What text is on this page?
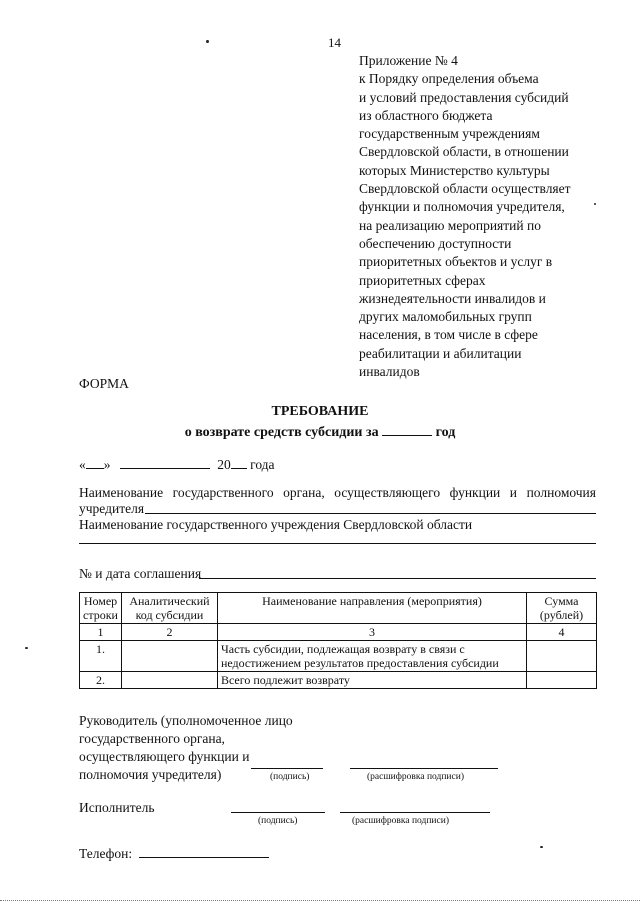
14
Приложение № 4
к Порядку определения объема
и условий предоставления субсидий
из областного бюджета
государственным учреждениям
Свердловской области, в отношении
которых Министерство культуры
Свердловской области осуществляет
функции и полномочия учредителя,
на реализацию мероприятий по
обеспечению доступности
приоритетных объектов и услуг в
приоритетных сферах
жизнедеятельности инвалидов и
других маломобильных групп
населения, в том числе в сфере
реабилитации и абилитации
инвалидов
ФОРМА
ТРЕБОВАНИЕ
о возврате средств субсидии за	год
« »	20 года
Наименование государственного органа, осуществляющего функции и полномочия
учредителя
Наименование государственного учреждения Свердловской области
№ и дата соглашения
Номер строки	Аналитический код субсидии	Наименование направления (мероприятия)	Сумма (рублей)
1	2	3	4
1.		Часть субсидии, подлежащая возврату в связи с недостижением результатов предоставления субсидии	
2.		Всего подлежит возврату	
Руководитель (уполномоченное лицо
государственного органа,
осуществляющего функции и
полномочия учредителя)	(подпись)	(расшифровка подписи)
Исполнитель
(подпись)	(расшифровка подписи)
Телефон:
